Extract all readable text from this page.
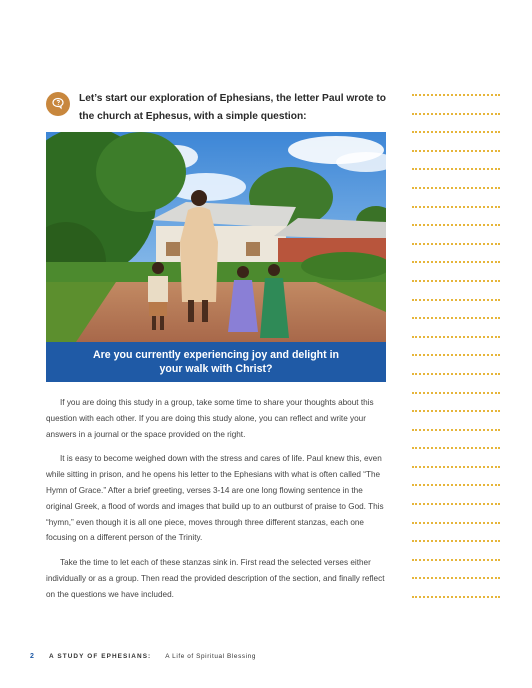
Let’s start our exploration of Ephesians, the letter Paul wrote to the church at Ephesus, with a simple question:
Are you currently experiencing joy and delight in your walk with Christ?

If you are doing this study in a group, take some time to share your thoughts about this question with each other. If you are doing this study alone, you can reflect and write your answers in a journal or the space provided on the right.

It is easy to become weighed down with the stress and cares of life. Paul knew this, even while sitting in prison, and he opens his letter to the Ephesians with what is often called “The Hymn of Grace.” After a brief greeting, verses 3-14 are one long flowing sentence in the original Greek, a flood of words and images that build up to an outburst of praise to God. This “hymn,” even though it is all one piece, moves through three different stanzas, each one focusing on a different person of the Trinity.

Take the time to let each of these stanzas sink in. First read the selected verses either individually or as a group. Then read the provided description of the section, and finally reflect on the questions we have included.

2 A STUDY OF EPHESIANS: A Life of Spiritual Blessing
